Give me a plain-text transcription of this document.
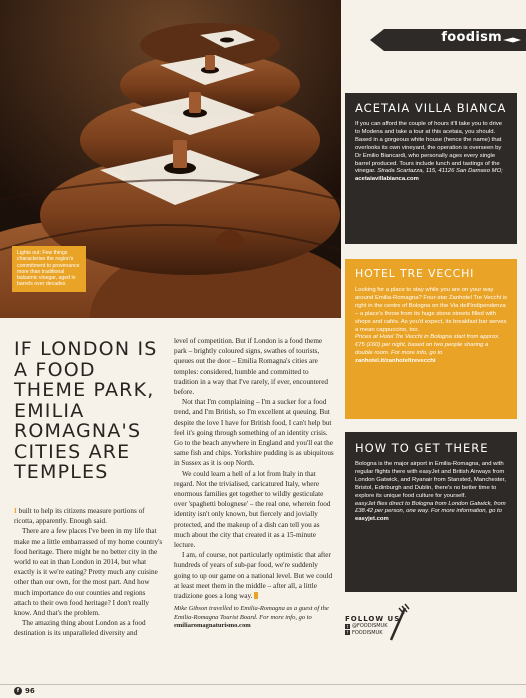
Lights out: Few things characterise the region's commitment to provenance more than traditional balsamic vinegar, aged in barrels over decades
foodism
IF LONDON IS A FOOD THEME PARK, EMILIA ROMAGNA'S CITIES ARE TEMPLES

I built to help its citizens measure portions of ricotta, apparently. Enough said.

There are a few places I've been in my life that make me a little embarrassed of my home country's food heritage. There might be no better city in the world to eat in than London in 2014, but what exactly is it we're eating? Pretty much any cuisine other than our own, for the most part. And how much importance do our counties and regions attach to their own food heritage? I don't really know. And that's the problem.

The amazing thing about London as a food destination is its unparalleled diversity and

level of competition. But if London is a food theme park – brightly coloured signs, swathes of tourists, queues out the door – Emilia Romagna's cities are temples: considered, humble and committed to tradition in a way that I've rarely, if ever, encountered before.

Not that I'm complaining – I'm a sucker for a food trend, and I'm British, so I'm excellent at queuing. But despite the love I have for British food, I can't help but feel it's going through something of an identity crisis. Go to the beach anywhere in England and you'll eat the same fish and chips. Yorkshire pudding is as ubiquitous in Sussex as it is oop North.

We could learn a hell of a lot from Italy in that regard. Not the trivialised, caricatured Italy, where enormous families get together to wildly gesticulate over 'spaghetti bolognese' – the real one, wherein food identity isn't only known, but fiercely and jovially protected, and the makeup of a dish can tell you as much about the city that created it as a 15-minute lecture.

I am, of course, not particularly optimistic that after hundreds of years of sub-par food, we're suddenly going to up our game on a national level. But we could at least meet them in the middle – after all, a little tradizione goes a long way.

Mike Gibson travelled to Emilia-Romagna as a guest of the Emilia-Romagna Tourist Board. For more info, go to emiliaromagnaturismo.com
ACETAIA VILLA BIANCA
If you can afford the couple of hours it'll take you to drive to Modena and take a tour at this acetaia, you should. Based in a gorgeous white house (hence the name) that overlooks its own vineyard, the operation is overseen by Dr Emilio Biancardi, who personally ages every single barrel produced. Tours include lunch and tastings of the vinegar. Strada Scartazza, 115, 41126 San Damaso MO; acetaiavillabianca.com
HOTEL TRE VECCHI
Looking for a place to stay while you are on your way around Emilia-Romagna? Four-star Zanhotel Tre Vecchi is right in the centre of Bologna on the Via dell'Indipendenza – a place's throw from its huge stone streets filled with shops and cafés. As you'd expect, its breakfast bar serves a mean cappuccino, too.
Prices at Hotel Tre Vecchi in Bologna start from approx. €75 (£60) per night, based on two people sharing a double room. For more info, go to zanhotel.it/zanhoteltrevecchi
HOW TO GET THERE
Bologna is the major airport in Emilia-Romagna, and with regular flights there with easyJet and British Airways from London Gatwick, and Ryanair from Stansted, Manchester, Bristol, Edinburgh and Dublin, there's no better time to explore its unique food culture for yourself.
easyJet flies direct to Bologna from London Gatwick, from £38.42 per person, one way. For more information, go to easyjet.com
FOLLOW US
t @FOODISMUK
f FOODISMUK
f 96
